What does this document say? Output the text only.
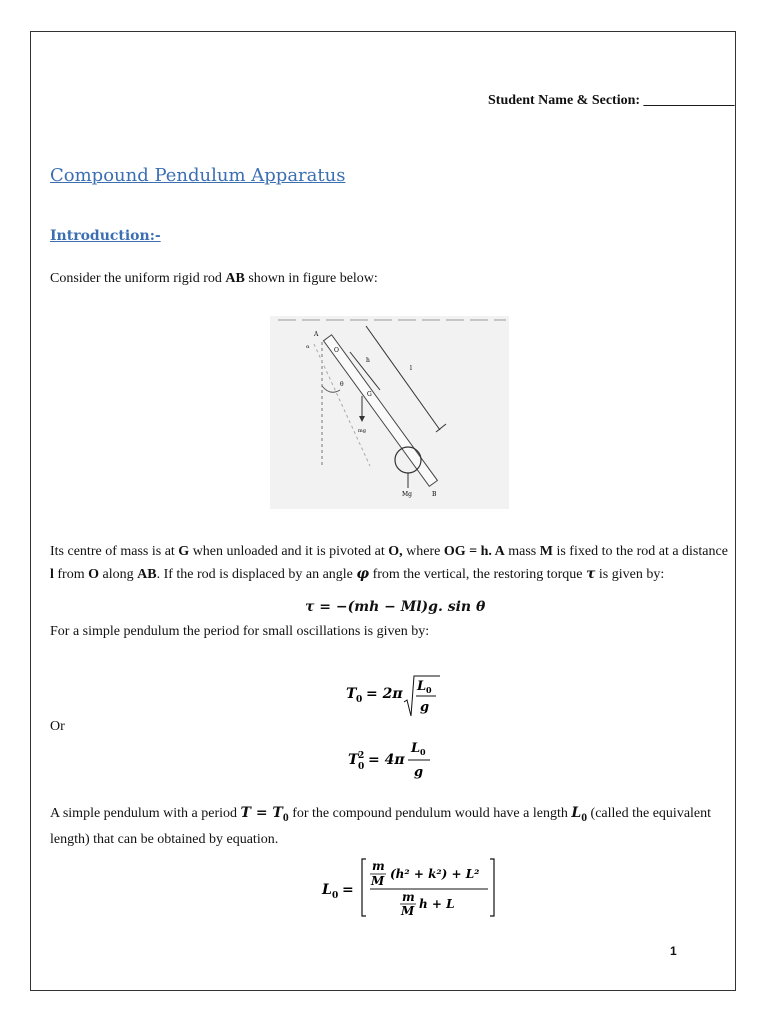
Student Name & Section: _____________
Compound Pendulum Apparatus
Introduction:-
Consider the uniform rigid rod AB shown in figure below:
A
O
h
G
θ
mg
l
Mg	B
α
Its centre of mass is at G when unloaded and it is pivoted at O, where OG = h. A mass M is fixed to the rod at a distance l from O along AB. If the rod is displaced by an angle φ from the vertical, the restoring torque τ is given by:
τ = −(mh − Ml)g. sin θ
For a simple pendulum the period for small oscillations is given by:
T 0 = 2π L 0
g
Or
T 2
0 = 4π
L 0
g
A simple pendulum with a period $T = T_0$ for the compound pendulum would have a length $L_0$ (called the equivalent length) that can be obtained by equation.
L 0 =
m
M (h² + k²) + L²
m
M h + L
1
